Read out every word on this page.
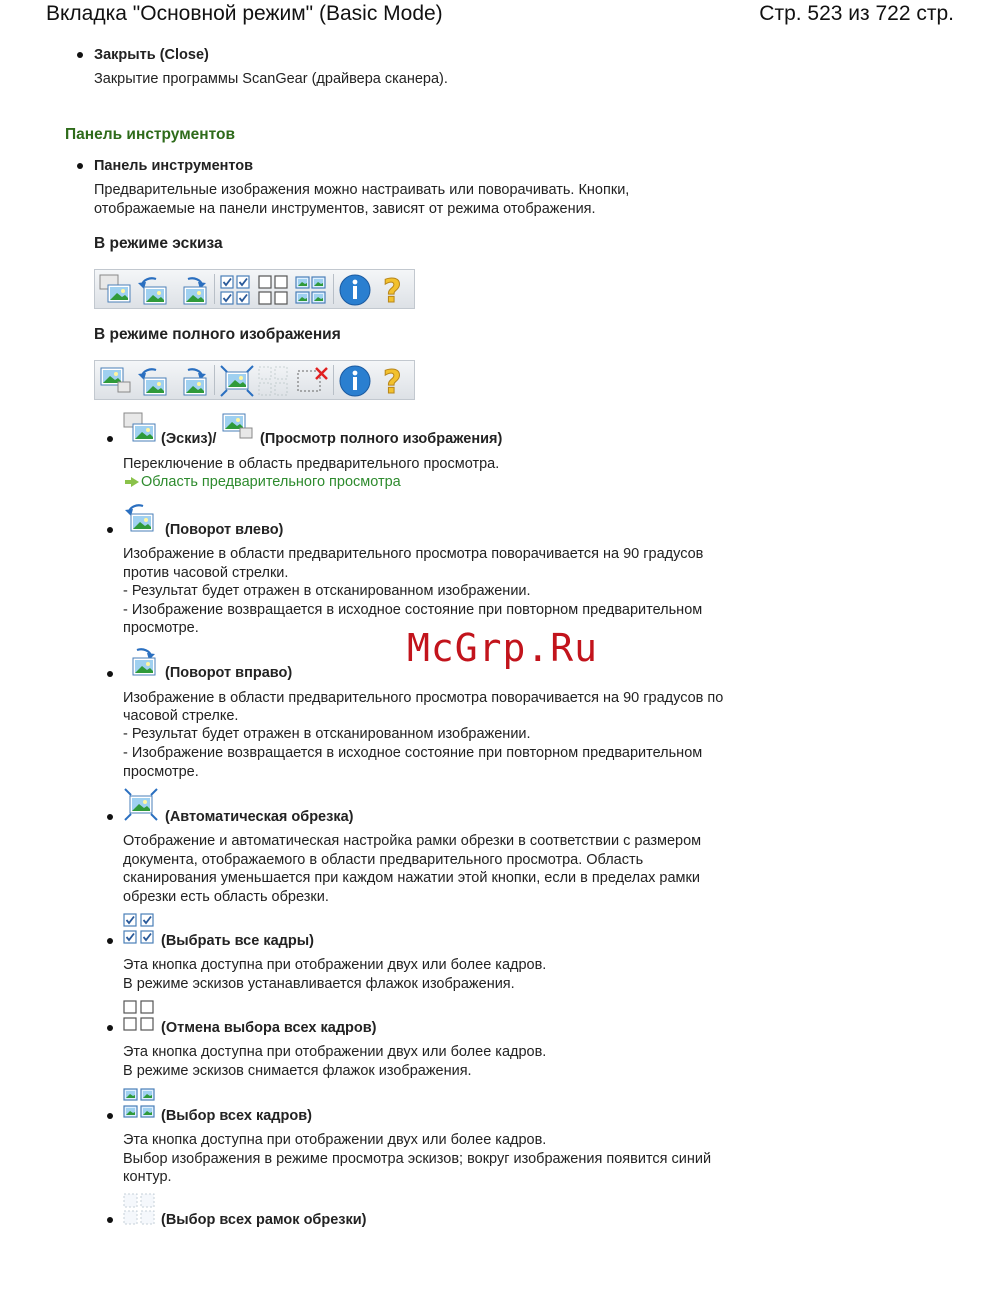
Вкладка "Основной режим" (Basic Mode)	Стр. 523 из 722 стр.
Закрыть (Close)
Закрытие программы ScanGear (драйвера сканера).
Панель инструментов
Панель инструментов
Предварительные изображения можно настраивать или поворачивать. Кнопки,
отображаемые на панели инструментов, зависят от режима отображения.
В режиме эскиза
?
В режиме полного изображения
?
(Эскиз)/	(Просмотр полного изображения)
Переключение в область предварительного просмотра.
Область предварительного просмотра
(Поворот влево)
Изображение в области предварительного просмотра поворачивается на 90 градусов
против часовой стрелки.
- Результат будет отражен в отсканированном изображении.
- Изображение возвращается в исходное состояние при повторном предварительном
просмотре.	McGrp.Ru
(Поворот вправо)
Изображение в области предварительного просмотра поворачивается на 90 градусов по
часовой стрелке.
- Результат будет отражен в отсканированном изображении.
- Изображение возвращается в исходное состояние при повторном предварительном
просмотре.
(Автоматическая обрезка)
Отображение и автоматическая настройка рамки обрезки в соответствии с размером
документа, отображаемого в области предварительного просмотра. Область
сканирования уменьшается при каждом нажатии этой кнопки, если в пределах рамки
обрезки есть область обрезки.
(Выбрать все кадры)
Эта кнопка доступна при отображении двух или более кадров.
В режиме эскизов устанавливается флажок изображения.
(Отмена выбора всех кадров)
Эта кнопка доступна при отображении двух или более кадров.
В режиме эскизов снимается флажок изображения.
(Выбор всех кадров)
Эта кнопка доступна при отображении двух или более кадров.
Выбор изображения в режиме просмотра эскизов; вокруг изображения появится синий
контур.
(Выбор всех рамок обрезки)
